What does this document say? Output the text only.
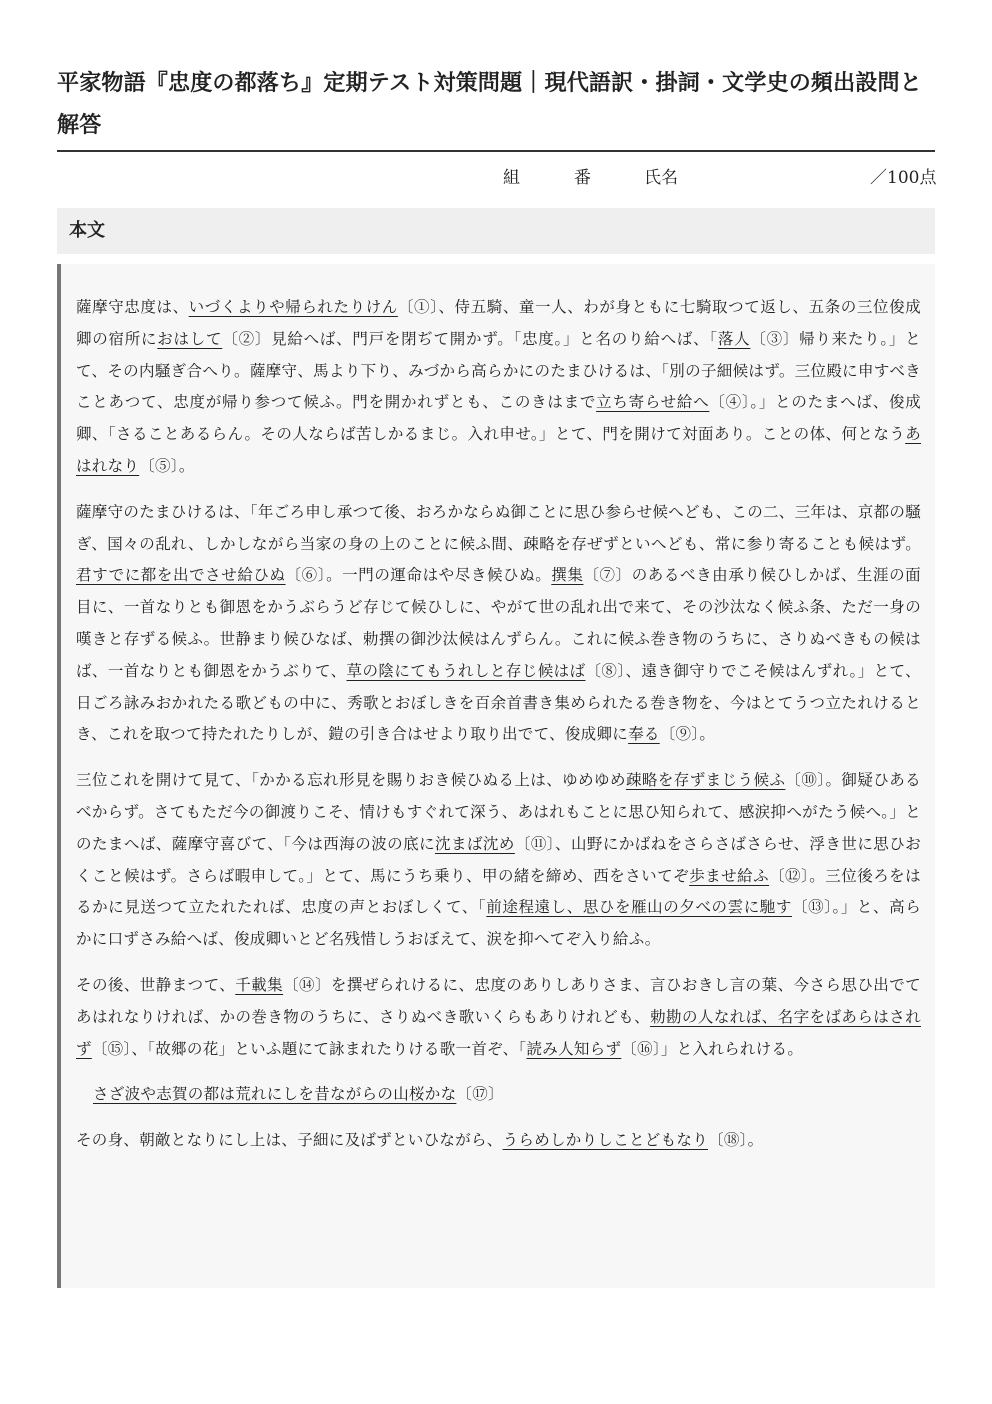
平家物語『忠度の都落ち』定期テスト対策問題｜現代語訳・掛詞・文学史の頻出設問と解答
組	番	氏名	／100点
本文

薩摩守忠度は、いづくよりや帰られたりけん〔①〕、侍五騎、童一人、わが身ともに七騎取つて返し、五条の三位俊成卿の宿所におはして〔②〕見給へば、門戸を閉ぢて開かず。「忠度。」と名のり給へば、「落人〔③〕帰り来たり。」とて、その内騒ぎ合へり。薩摩守、馬より下り、みづから高らかにのたまひけるは、「別の子細候はず。三位殿に申すべきことあつて、忠度が帰り参つて候ふ。門を開かれずとも、このきはまで立ち寄らせ給へ〔④〕。」とのたまへば、俊成卿、「さることあるらん。その人ならば苦しかるまじ。入れ申せ。」とて、門を開けて対面あり。ことの体、何となうあはれなり〔⑤〕。

薩摩守のたまひけるは、「年ごろ申し承つて後、おろかならぬ御ことに思ひ参らせ候へども、この二、三年は、京都の騒ぎ、国々の乱れ、しかしながら当家の身の上のことに候ふ間、疎略を存ぜずといへども、常に参り寄ることも候はず。君すでに都を出でさせ給ひぬ〔⑥〕。一門の運命はや尽き候ひぬ。撰集〔⑦〕のあるべき由承り候ひしかば、生涯の面目に、一首なりとも御恩をかうぶらうど存じて候ひしに、やがて世の乱れ出で来て、その沙汰なく候ふ条、ただ一身の嘆きと存ずる候ふ。世静まり候ひなば、勅撰の御沙汰候はんずらん。これに候ふ巻き物のうちに、さりぬべきもの候はば、一首なりとも御恩をかうぶりて、草の陰にてもうれしと存じ候はば〔⑧〕、遠き御守りでこそ候はんずれ。」とて、日ごろ詠みおかれたる歌どもの中に、秀歌とおぼしきを百余首書き集められたる巻き物を、今はとてうつ立たれけるとき、これを取つて持たれたりしが、鎧の引き合はせより取り出でて、俊成卿に奉る〔⑨〕。

三位これを開けて見て、「かかる忘れ形見を賜りおき候ひぬる上は、ゆめゆめ疎略を存ずまじう候ふ〔⑩〕。御疑ひあるべからず。さてもただ今の御渡りこそ、情けもすぐれて深う、あはれもことに思ひ知られて、感涙抑へがたう候へ。」とのたまへば、薩摩守喜びて、「今は西海の波の底に沈まば沈め〔⑪〕、山野にかばねをさらさばさらせ、浮き世に思ひおくこと候はず。さらば暇申して。」とて、馬にうち乗り、甲の緒を締め、西をさいてぞ歩ませ給ふ〔⑫〕。三位後ろをはるかに見送つて立たれたれば、忠度の声とおぼしくて、「前途程遠し、思ひを雁山の夕べの雲に馳す〔⑬〕。」と、高らかに口ずさみ給へば、俊成卿いとど名残惜しうおぼえて、涙を抑へてぞ入り給ふ。

その後、世静まつて、千載集〔⑭〕を撰ぜられけるに、忠度のありしありさま、言ひおきし言の葉、今さら思ひ出でてあはれなりければ、かの巻き物のうちに、さりぬべき歌いくらもありけれども、勅勘の人なれば、名字をばあらはされず〔⑮〕、「故郷の花」といふ題にて詠まれたりける歌一首ぞ、「読み人知らず〔⑯〕」と入れられける。

さざ波や志賀の都は荒れにしを昔ながらの山桜かな〔⑰〕

その身、朝敵となりにし上は、子細に及ばずといひながら、うらめしかりしことどもなり〔⑱〕。
